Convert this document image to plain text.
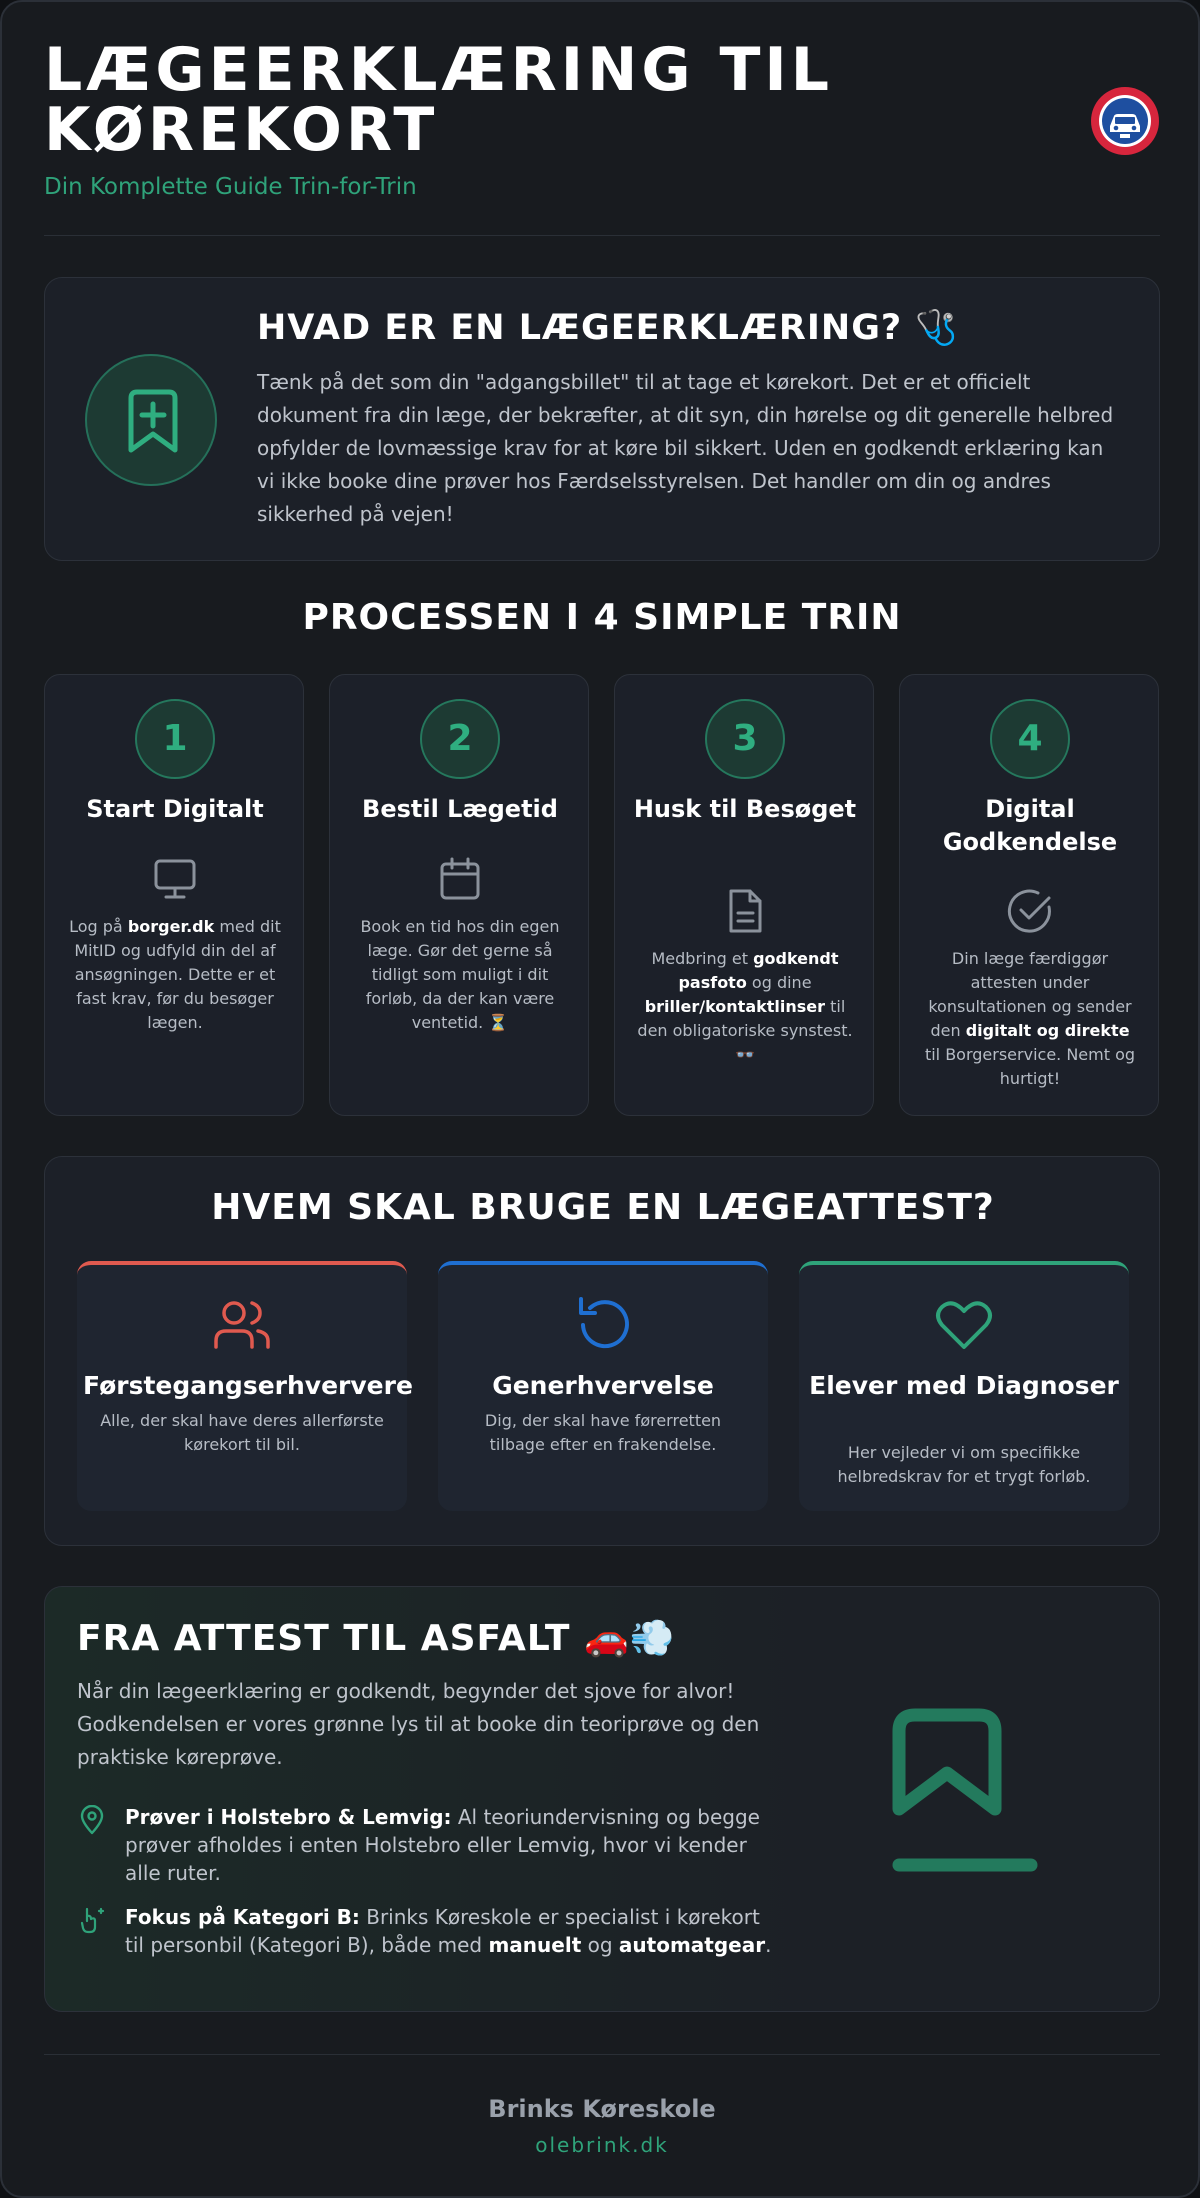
LÆGEERKLÆRING TIL KØREKORT
Din Komplette Guide Trin-for-Trin
HVAD ER EN LÆGEERKLÆRING? 🩺

Tænk på det som din "adgangsbillet" til at tage et kørekort. Det er et officielt dokument fra din læge, der bekræfter, at dit syn, din hørelse og dit generelle helbred opfylder de lovmæssige krav for at køre bil sikkert. Uden en godkendt erklæring kan vi ikke booke dine prøver hos Færdselsstyrelsen. Det handler om din og andres sikkerhed på vejen!

PROCESSEN I 4 SIMPLE TRIN
1
Start Digitalt

Log på borger.dk med dit MitID og udfyld din del af ansøgningen. Dette er et fast krav, før du besøger lægen.

2
Bestil Lægetid

Book en tid hos din egen læge. Gør det gerne så tidligt som muligt i dit forløb, da der kan være ventetid. ⏳

3
Husk til Besøget

Medbring et godkendt pasfoto og dine briller/kontaktlinser til den obligatoriske synstest. 👓

4
Digital Godkendelse

Din læge færdiggør attesten under konsultationen og sender den digitalt og direkte til Borgerservice. Nemt og hurtigt!

HVEM SKAL BRUGE EN LÆGEATTEST?
Førstegangserhververe

Alle, der skal have deres allerførste kørekort til bil.

Generhvervelse

Dig, der skal have førerretten tilbage efter en frakendelse.

Elever med Diagnoser

Her vejleder vi om specifikke helbredskrav for et trygt forløb.

FRA ATTEST TIL ASFALT 🚗💨

Når din lægeerklæring er godkendt, begynder det sjove for alvor! Godkendelsen er vores grønne lys til at booke din teoriprøve og den praktiske køreprøve.

Prøver i Holstebro & Lemvig: Al teoriundervisning og begge prøver afholdes i enten Holstebro eller Lemvig, hvor vi kender alle ruter.
Fokus på Kategori B: Brinks Køreskole er specialist i kørekort til personbil (Kategori B), både med manuelt og automatgear.
Brinks Køreskole
olebrink.dk
